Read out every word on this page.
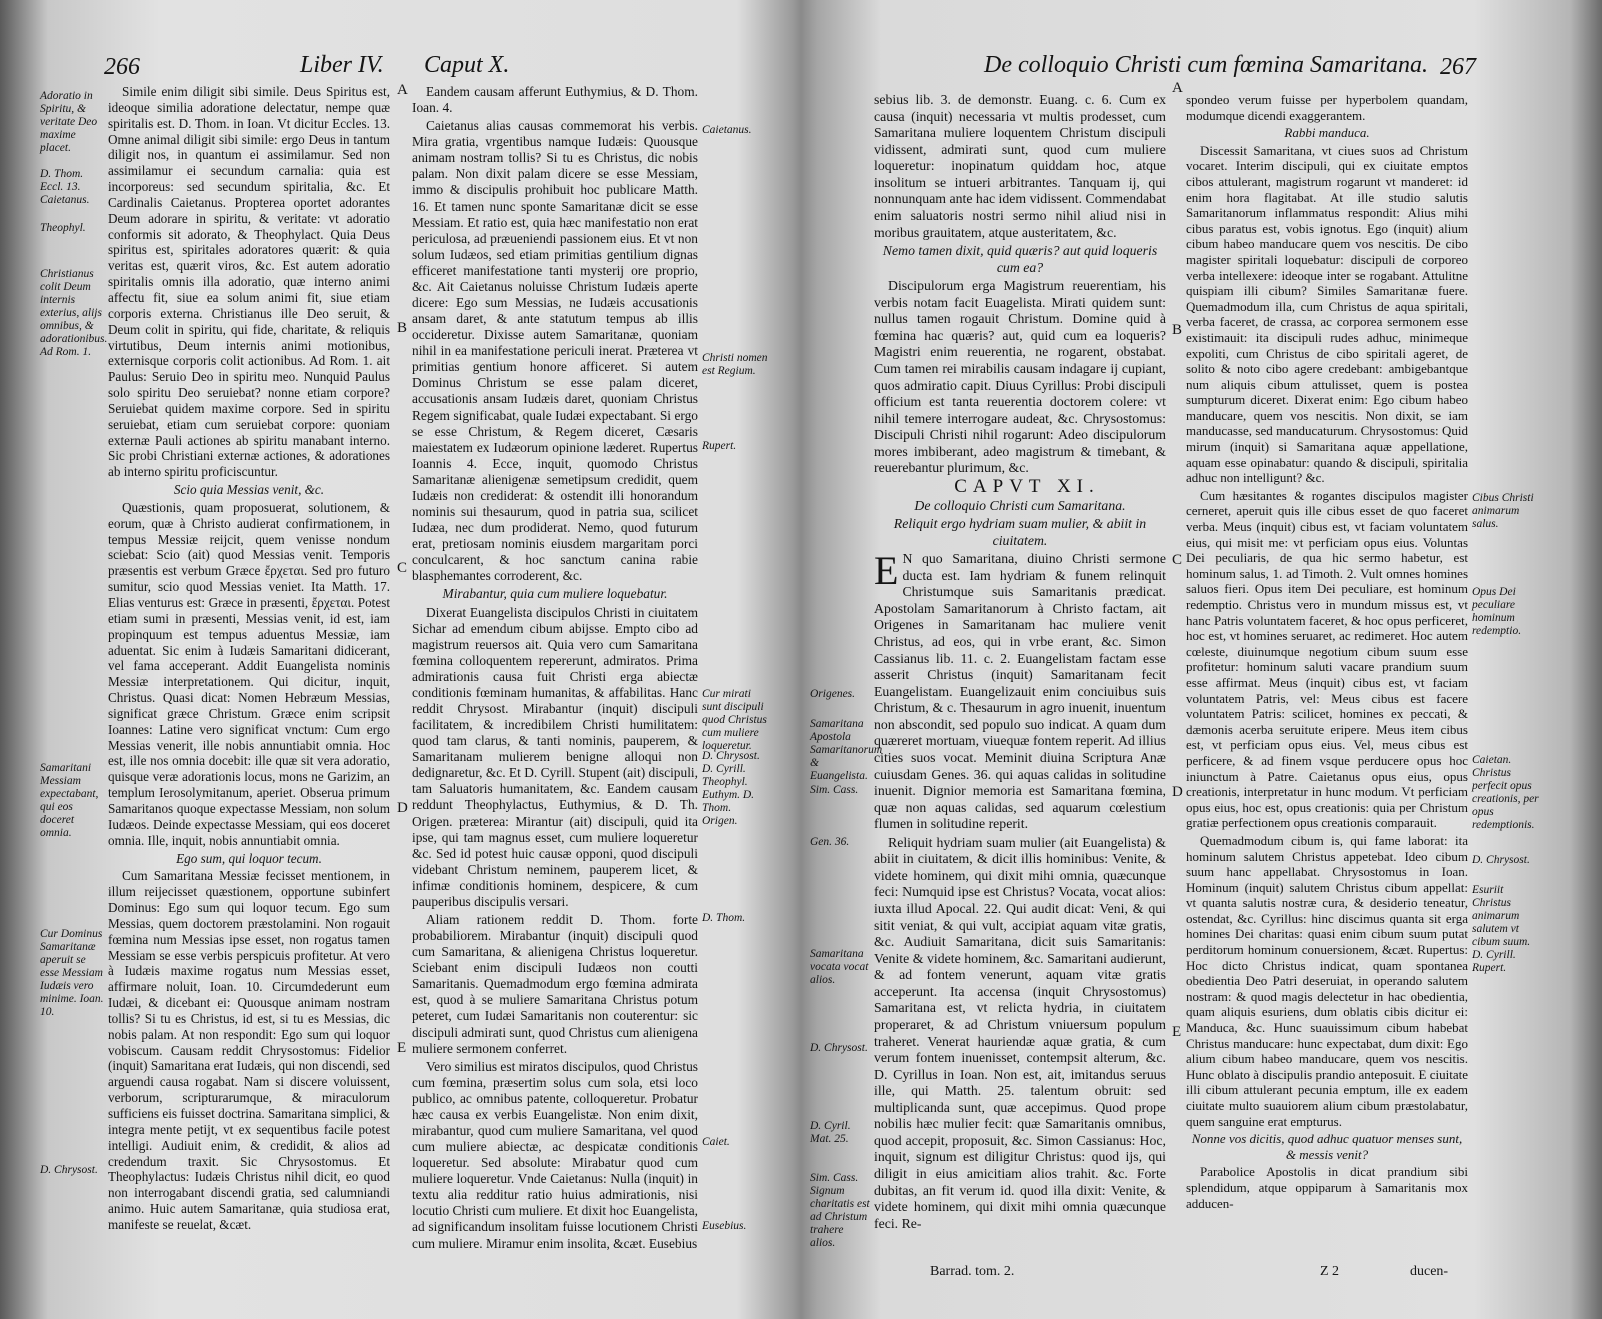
266	Liber IV. Caput X.

Simile enim diligit sibi simile. Deus Spiritus est, ideoque similia adoratione delectatur, nempe quæ spiritalis est. D. Thom. in Ioan. Vt dicitur Eccles. 13. Omne animal diligit sibi simile: ergo Deus in tantum diligit nos, in quantum ei assimilamur. Sed non assimilamur ei secundum carnalia: quia est incorporeus: sed secundum spiritalia, &c. Et Cardinalis Caietanus. Propterea oportet adorantes Deum adorare in spiritu, & veritate: vt adoratio conformis sit adorato, & Theophylact. Quia Deus spiritus est, spiritales adoratores quærit: & quia veritas est, quærit viros, &c. Est autem adoratio spiritalis omnis illa adoratio, quæ interno animi affectu fit, siue ea solum animi fit, siue etiam corporis externa. Christianus ille Deo seruit, & Deum colit in spiritu, qui fide, charitate, & reliquis virtutibus, Deum internis animi motionibus, externisque corporis colit actionibus. Ad Rom. 1. ait Paulus: Seruio Deo in spiritu meo. Nunquid Paulus solo spiritu Deo seruiebat? nonne etiam corpore? Seruiebat quidem maxime corpore. Sed in spiritu seruiebat, etiam cum seruiebat corpore: quoniam externæ Pauli actiones ab spiritu manabant interno. Sic probi Christiani externæ actiones, & adorationes ab interno spiritu proficiscuntur.

Scio quia Messias venit, &c.

Quæstionis, quam proposuerat, solutionem, & eorum, quæ à Christo audierat confirmationem, in tempus Messiæ reijcit, quem venisse nondum sciebat: Scio (ait) quod Messias venit. Temporis præsentis est verbum Græce ἔρχεται. Sed pro futuro sumitur, scio quod Messias veniet. Ita Matth. 17. Elias venturus est: Græce in præsenti, ἔρχεται. Potest etiam sumi in præsenti, Messias venit, id est, iam propinquum est tempus aduentus Messiæ, iam aduentat. Sic enim à Iudæis Samaritani didicerant, vel fama acceperant. Addit Euangelista nominis Messiæ interpretationem. Qui dicitur, inquit, Christus. Quasi dicat: Nomen Hebræum Messias, significat græce Christum. Græce enim scripsit Ioannes: Latine vero significat vnctum: Cum ergo Messias venerit, ille nobis annuntiabit omnia. Hoc est, ille nos omnia docebit: ille quæ sit vera adoratio, quisque veræ adorationis locus, mons ne Garizim, an templum Ierosolymitanum, aperiet. Obserua primum Samaritanos quoque expectasse Messiam, non solum Iudæos. Deinde expectasse Messiam, qui eos doceret omnia. Ille, inquit, nobis annuntiabit omnia.

Ego sum, qui loquor tecum.

Cum Samaritana Messiæ fecisset mentionem, in illum reijecisset quæstionem, opportune subinfert Dominus: Ego sum qui loquor tecum. Ego sum Messias, quem doctorem præstolamini. Non rogauit fœmina num Messias ipse esset, non rogatus tamen Messiam se esse verbis perspicuis profitetur. At vero à Iudæis maxime rogatus num Messias esset, affirmare noluit, Ioan. 10. Circumdederunt eum Iudæi, & dicebant ei: Quousque animam nostram tollis? Si tu es Christus, id est, si tu es Messias, dic nobis palam. At non respondit: Ego sum qui loquor vobiscum. Causam reddit Chrysostomus: Fidelior (inquit) Samaritana erat Iudæis, qui non discendi, sed arguendi causa rogabat. Nam si discere voluissent, verborum, scripturarumque, & miraculorum sufficiens eis fuisset doctrina. Samaritana simplici, & integra mente petijt, vt ex sequentibus facile potest intelligi. Audiuit enim, & credidit, & alios ad credendum traxit. Sic Chrysostomus. Et Theophylactus: Iudæis Christus nihil dicit, eo quod non interrogabant discendi gratia, sed calumniandi animo. Huic autem Samaritanæ, quia studiosa erat, manifeste se reuelat, &cæt.

Eandem causam afferunt Euthymius, & D. Thom. Ioan. 4.

Caietanus alias causas commemorat his verbis. Mira gratia, vrgentibus namque Iudæis: Quousque animam nostram tollis? Si tu es Christus, dic nobis palam. Non dixit palam dicere se esse Messiam, immo & discipulis prohibuit hoc publicare Matth. 16. Et tamen nunc sponte Samaritanæ dicit se esse Messiam. Et ratio est, quia hæc manifestatio non erat periculosa, ad præueniendi passionem eius. Et vt non solum Iudæos, sed etiam primitias gentilium dignas efficeret manifestatione tanti mysterij ore proprio, &c. Ait Caietanus noluisse Christum Iudæis aperte dicere: Ego sum Messias, ne Iudæis accusationis ansam daret, & ante statutum tempus ab illis occideretur. Dixisse autem Samaritanæ, quoniam nihil in ea manifestatione periculi inerat. Præterea vt primitias gentium honore afficeret. Si autem Dominus Christum se esse palam diceret, accusationis ansam Iudæis daret, quoniam Christus Regem significabat, quale Iudæi expectabant. Si ergo se esse Christum, & Regem diceret, Cæsaris maiestatem ex Iudæorum opinione læderet. Rupertus Ioannis 4. Ecce, inquit, quomodo Christus Samaritanæ alienigenæ semetipsum credidit, quem Iudæis non crediderat: & ostendit illi honorandum nominis sui thesaurum, quod in patria sua, scilicet Iudæa, nec dum prodiderat. Nemo, quod futurum erat, pretiosam nominis eiusdem margaritam porci conculcarent, & hoc sanctum canina rabie blasphemantes corroderent, &c.

Mirabantur, quia cum muliere loquebatur.

Dixerat Euangelista discipulos Christi in ciuitatem Sichar ad emendum cibum abijsse. Empto cibo ad magistrum reuersos ait. Quia vero cum Samaritana fœmina colloquentem repererunt, admiratos. Prima admirationis causa fuit Christi erga abiectæ conditionis fœminam humanitas, & affabilitas. Hanc reddit Chrysost. Mirabantur (inquit) discipuli facilitatem, & incredibilem Christi humilitatem: quod tam clarus, & tanti nominis, pauperem, & Samaritanam mulierem benigne alloqui non dedignaretur, &c. Et D. Cyrill. Stupent (ait) discipuli, tam Saluatoris humanitatem, &c. Eandem causam reddunt Theophylactus, Euthymius, & D. Th. Origen. præterea: Mirantur (ait) discipuli, quid ita ipse, qui tam magnus esset, cum muliere loqueretur &c. Sed id potest huic causæ opponi, quod discipuli videbant Christum neminem, pauperem licet, & infimæ conditionis hominem, despicere, & cum pauperibus discipulis versari.

Aliam rationem reddit D. Thom. forte probabiliorem. Mirabantur (inquit) discipuli quod cum Samaritana, & alienigena Christus loqueretur. Sciebant enim discipuli Iudæos non coutti Samaritanis. Quemadmodum ergo fœmina admirata est, quod à se muliere Samaritana Christus potum peteret, cum Iudæi Samaritanis non couterentur: sic discipuli admirati sunt, quod Christus cum alienigena muliere sermonem conferret.

Vero similius est miratos discipulos, quod Christus cum fœmina, præsertim solus cum sola, etsi loco publico, ac omnibus patente, colloqueretur. Probatur hæc causa ex verbis Euangelistæ. Non enim dixit, mirabantur, quod cum muliere Samaritana, vel quod cum muliere abiectæ, ac despicatæ conditionis loqueretur. Sed absolute: Mirabatur quod cum muliere loqueretur. Vnde Caietanus: Nulla (inquit) in textu alia redditur ratio huius admirationis, nisi locutio Christi cum muliere. Et dixit hoc Euangelista, ad significandum insolitam fuisse locutionem Christi cum muliere. Miramur enim insolita, &cæt. Eusebius

Adoratio in Spiritu, & veritate Deo maxime placet.
D. Thom. Eccl. 13. Caietanus.
Theophyl.
Christianus colit Deum internis exterius, alijs omnibus, & adorationibus. Ad Rom. 1.
Samaritani Messiam expectabant, qui eos doceret omnia.
Cur Dominus Samaritanæ aperuit se esse Messiam Iudæis vero minime. Ioan. 10.
D. Chrysost.
Caietanus.
Christi nomen est Regium.
Rupert.
Cur mirati sunt discipuli quod Christus cum muliere loqueretur.
D. Chrysost. D. Cyrill. Theophyl. Euthym. D. Thom. Origen.
D. Thom.
Caiet.
Eusebius.
A
B
C
D
E
De colloquio Christi cum fœmina Samaritana. 267

sebius lib. 3. de demonstr. Euang. c. 6. Cum ex causa (inquit) necessaria vt multis prodesset, cum Samaritana muliere loquentem Christum discipuli vidissent, admirati sunt, quod cum muliere loqueretur: inopinatum quiddam hoc, atque insolitum se intueri arbitrantes. Tanquam ij, qui nonnunquam ante hac idem vidissent. Commendabat enim saluatoris nostri sermo nihil aliud nisi in moribus grauitatem, atque austeritatem, &c.

Nemo tamen dixit, quid quæris? aut quid loqueris cum ea?

Discipulorum erga Magistrum reuerentiam, his verbis notam facit Euagelista. Mirati quidem sunt: nullus tamen rogauit Christum. Domine quid à fœmina hac quæris? aut, quid cum ea loqueris? Magistri enim reuerentia, ne rogarent, obstabat. Cum tamen rei mirabilis causam indagare ij cupiant, quos admiratio capit. Diuus Cyrillus: Probi discipuli officium est tanta reuerentia doctorem colere: vt nihil temere interrogare audeat, &c. Chrysostomus: Discipuli Christi nihil rogarunt: Adeo discipulorum mores imbiberant, adeo magistrum & timebant, & reuerebantur plurimum, &c.

CAPVT XI.

De colloquio Christi cum Samaritana.

Reliquit ergo hydriam suam mulier, & abiit in ciuitatem.

E N quo Samaritana, diuino Christi sermone ducta est. Iam hydriam & funem relinquit Christumque suis Samaritanis prædicat. Apostolam Samaritanorum à Christo factam, ait Origenes in Samaritanam hac muliere venit Christus, ad eos, qui in vrbe erant, &c. Simon Cassianus lib. 11. c. 2. Euangelistam factam esse asserit Christus (inquit) Samaritanam fecit Euangelistam. Euangelizauit enim conciuibus suis Christum, & c. Thesaurum in agro inuenit, inuentum non abscondit, sed populo suo indicat. A quam dum quæreret mortuam, viuequæ fontem reperit. Ad illius cities suos vocat. Meminit diuina Scriptura Anæ cuiusdam Genes. 36. qui aquas calidas in solitudine inuenit. Dignior memoria est Samaritana fœmina, quæ non aquas calidas, sed aquarum cœlestium flumen in solitudine reperit.

Reliquit hydriam suam mulier (ait Euangelista) & abiit in ciuitatem, & dicit illis hominibus: Venite, & videte hominem, qui dixit mihi omnia, quæcunque feci: Numquid ipse est Christus? Vocata, vocat alios: iuxta illud Apocal. 22. Qui audit dicat: Veni, & qui sitit veniat, & qui vult, accipiat aquam vitæ gratis, &c. Audiuit Samaritana, dicit suis Samaritanis: Venite & videte hominem, &c. Samaritani audierunt, & ad fontem venerunt, aquam vitæ gratis acceperunt. Ita accensa (inquit Chrysostomus) Samaritana est, vt relicta hydria, in ciuitatem properaret, & ad Christum vniuersum populum traheret. Venerat hauriendæ aquæ gratia, & cum verum fontem inuenisset, contempsit alterum, &c. D. Cyrillus in Ioan. Non est, ait, imitandus seruus ille, qui Matth. 25. talentum obruit: sed multiplicanda sunt, quæ accepimus. Quod prope nobilis hæc mulier fecit: quæ Samaritanis omnibus, quod accepit, proposuit, &c. Simon Cassianus: Hoc, inquit, signum est diligitur Christus: quod ijs, qui diligit in eius amicitiam alios trahit. &c. Forte dubitas, an fit verum id. quod illa dixit: Venite, & videte hominem, qui dixit mihi omnia quæcunque feci. Re-

spondeo verum fuisse per hyperbolem quandam, modumque dicendi exaggerantem.

Rabbi manduca.

Discessit Samaritana, vt ciues suos ad Christum vocaret. Interim discipuli, qui ex ciuitate emptos cibos attulerant, magistrum rogarunt vt manderet: id enim hora flagitabat. At ille studio salutis Samaritanorum inflammatus respondit: Alius mihi cibus paratus est, vobis ignotus. Ego (inquit) alium cibum habeo manducare quem vos nescitis. De cibo magister spiritali loquebatur: discipuli de corporeo verba intellexere: ideoque inter se rogabant. Attulitne quispiam illi cibum? Similes Samaritanæ fuere. Quemadmodum illa, cum Christus de aqua spiritali, verba faceret, de crassa, ac corporea sermonem esse existimauit: ita discipuli rudes adhuc, minimeque expoliti, cum Christus de cibo spiritali ageret, de solito & noto cibo agere credebant: ambigebantque num aliquis cibum attulisset, quem is postea sumpturum diceret. Dixerat enim: Ego cibum habeo manducare, quem vos nescitis. Non dixit, se iam manducasse, sed manducaturum. Chrysostomus: Quid mirum (inquit) si Samaritana aquæ appellatione, aquam esse opinabatur: quando & discipuli, spiritalia adhuc non intelligunt? &c.

Cum hæsitantes & rogantes discipulos magister cerneret, aperuit quis ille cibus esset de quo faceret verba. Meus (inquit) cibus est, vt faciam voluntatem eius, qui misit me: vt perficiam opus eius. Voluntas Dei peculiaris, de qua hic sermo habetur, est hominum salus, 1. ad Timoth. 2. Vult omnes homines saluos fieri. Opus item Dei peculiare, est hominum redemptio. Christus vero in mundum missus est, vt hanc Patris voluntatem faceret, & hoc opus perficeret, hoc est, vt homines seruaret, ac redimeret. Hoc autem cœleste, diuinumque negotium cibum suum esse profitetur: hominum saluti vacare prandium suum esse affirmat. Meus (inquit) cibus est, vt faciam voluntatem Patris, vel: Meus cibus est facere voluntatem Patris: scilicet, homines ex peccati, & dæmonis acerba seruitute eripere. Meus item cibus est, vt perficiam opus eius. Vel, meus cibus est perficere, & ad finem vsque perducere opus hoc iniunctum à Patre. Caietanus opus eius, opus creationis, interpretatur in hunc modum. Vt perficiam opus eius, hoc est, opus creationis: quia per Christum gratiæ perfectionem opus creationis comparauit.

Quemadmodum cibum is, qui fame laborat: ita hominum salutem Christus appetebat. Ideo cibum suum hanc appellabat. Chrysostomus in Ioan. Hominum (inquit) salutem Christus cibum appellat: vt quanta salutis nostræ cura, & desiderio teneatur, ostendat, &c. Cyrillus: hinc discimus quanta sit erga homines Dei charitas: quasi enim cibum suum putat perditorum hominum conuersionem, &cæt. Rupertus: Hoc dicto Christus indicat, quam spontanea obedientia Deo Patri deseruiat, in operando salutem nostram: & quod magis delectetur in hac obedientia, quam aliquis esuriens, dum oblatis cibis dicitur ei: Manduca, &c. Hunc suauissimum cibum habebat Christus manducare: hunc expectabat, dum dixit: Ego alium cibum habeo manducare, quem vos nescitis. Hunc oblato à discipulis prandio anteposuit. E ciuitate illi cibum attulerant pecunia emptum, ille ex eadem ciuitate multo suauiorem alium cibum præstolabatur, quem sanguine erat empturus.

Nonne vos dicitis, quod adhuc quatuor menses sunt, & messis venit?

Parabolice Apostolis in dicat prandium sibi splendidum, atque oppiparum à Samaritanis mox adducen-

Origenes.
Samaritana Apostola Samaritanorum & Euangelista.
Sim. Cass.
Gen. 36.
Samaritana vocata vocat alios.
D. Chrysost.
D. Cyril. Mat. 25.
Sim. Cass. Signum charitatis est ad Christum trahere alios.
Cibus Christi animarum salus.
Opus Dei peculiare hominum redemptio.
Caietan. Christus perfecit opus creationis, per opus redemptionis.
D. Chrysost.
Esuriit Christus animarum salutem vt cibum suum. D. Cyrill. Rupert.
A
B
C
D
E
Barrad. tom. 2.	Z 2	ducen-
